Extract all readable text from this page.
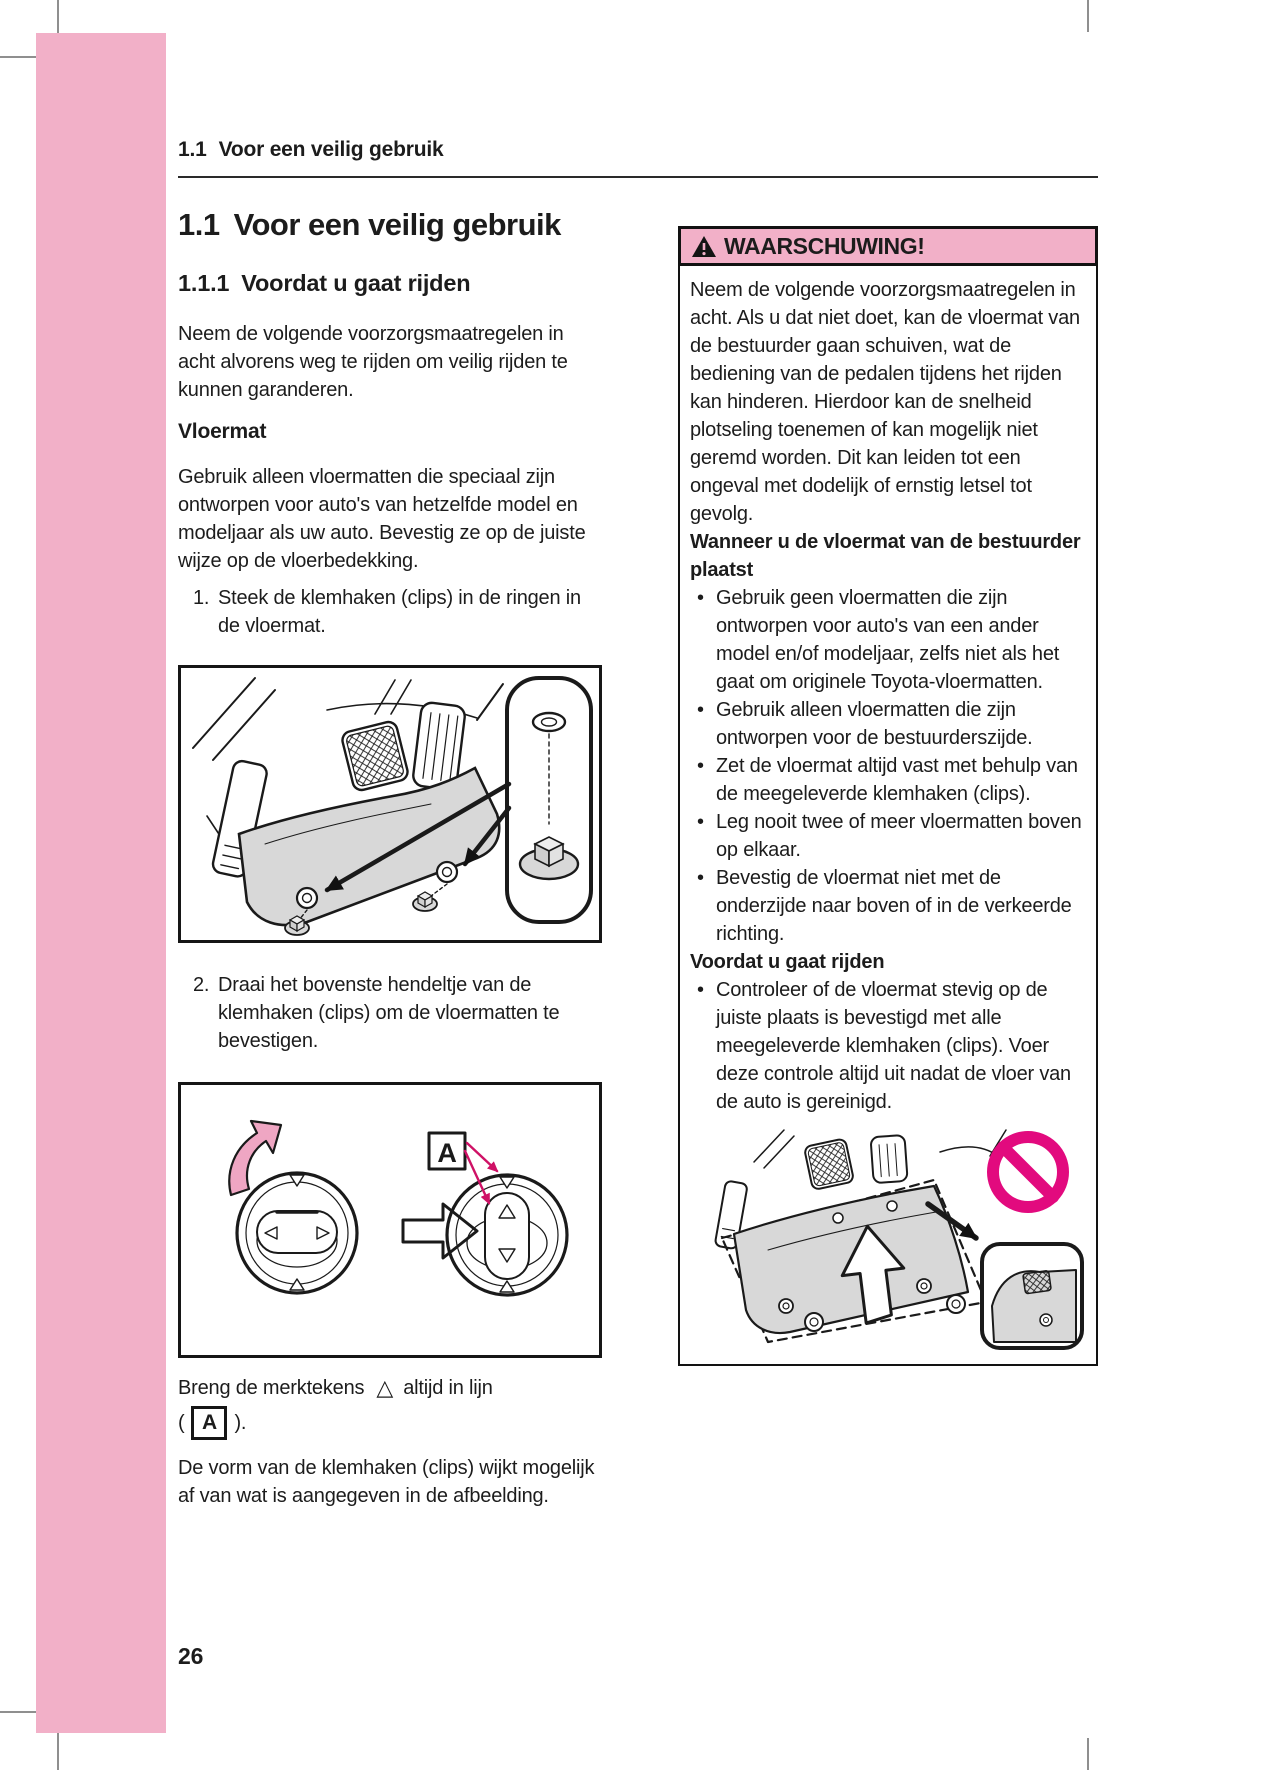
1.1 Voor een veilig gebruik
1.1 Voor een veilig gebruik
1.1.1 Voordat u gaat rijden

Neem de volgende voorzorgsmaatregelen in acht alvorens weg te rijden om veilig rijden te kunnen garanderen.

Vloermat

Gebruik alleen vloermatten die speciaal zijn ontworpen voor auto's van hetzelfde model en modeljaar als uw auto. Bevestig ze op de juiste wijze op de vloerbedekking.

1. Steek de klemhaken (clips) in de ringen in de vloermat.
2. Draai het bovenste hendeltje van de klemhaken (clips) om de vloermatten te bevestigen.
A
Breng de merktekens △ altijd in lijn
( A ).

De vorm van de klemhaken (clips) wijkt mogelijk af van wat is aangegeven in de afbeelding.

WAARSCHUWING!

Neem de volgende voorzorgsmaatregelen in acht. Als u dat niet doet, kan de vloermat van de bestuurder gaan schuiven, wat de bediening van de pedalen tijdens het rijden kan hinderen. Hierdoor kan de snelheid plotseling toenemen of kan mogelijk niet geremd worden. Dit kan leiden tot een ongeval met dodelijk of ernstig letsel tot gevolg.

Wanneer u de vloermat van de bestuurder plaatst

• Gebruik geen vloermatten die zijn ontworpen voor auto's van een ander model en/of modeljaar, zelfs niet als het gaat om originele Toyota-vloermatten.
• Gebruik alleen vloermatten die zijn ontworpen voor de bestuurderszijde.
• Zet de vloermat altijd vast met behulp van de meegeleverde klemhaken (clips).
• Leg nooit twee of meer vloermatten boven op elkaar.
• Bevestig de vloermat niet met de onderzijde naar boven of in de verkeerde richting.

Voordat u gaat rijden

• Controleer of de vloermat stevig op de juiste plaats is bevestigd met alle meegeleverde klemhaken (clips). Voer deze controle altijd uit nadat de vloer van de auto is gereinigd.
26
